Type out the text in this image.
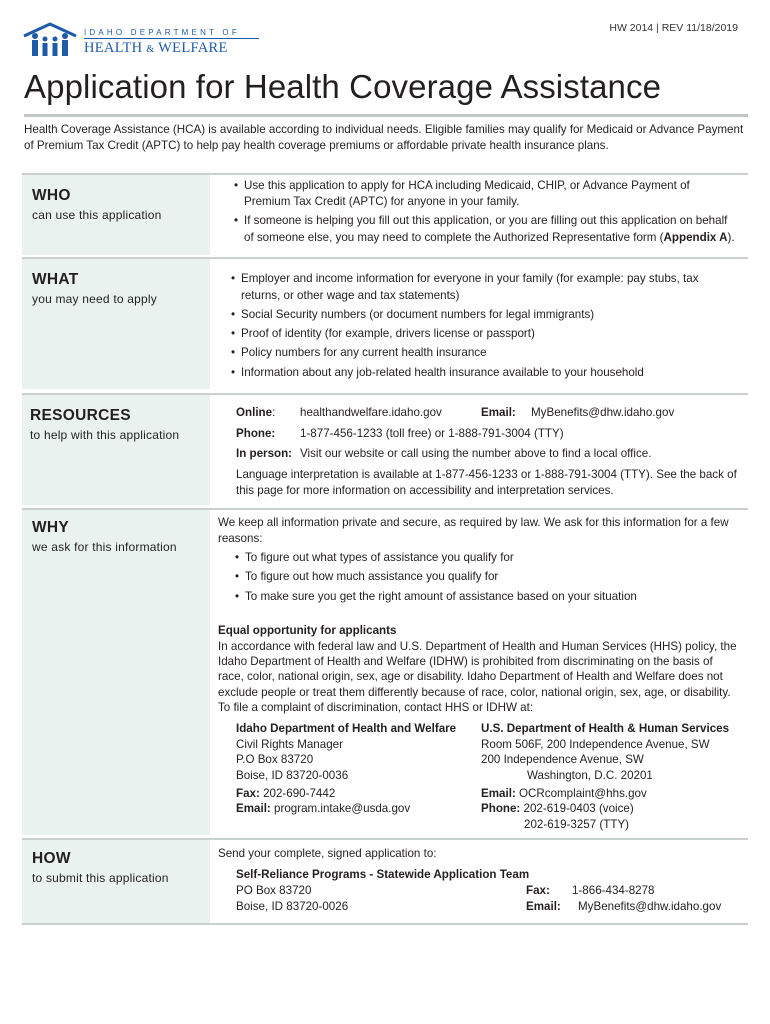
HW 2014 | REV 11/18/2019
IDAHO DEPARTMENT OF
HEALTH & WELFARE
Application for Health Coverage Assistance
Health Coverage Assistance (HCA) is available according to individual needs. Eligible families may qualify for Medicaid or Advance Payment of Premium Tax Credit (APTC) to help pay health coverage premiums or affordable private health insurance plans.
WHO
can use this application
• Use this application to apply for HCA including Medicaid, CHIP, or Advance Payment of
Premium Tax Credit (APTC) for anyone in your family.
• If someone is helping you fill out this application, or you are filling out this application on behalf
of someone else, you may need to complete the Authorized Representative form (Appendix A).
WHAT
you may need to apply
• Employer and income information for everyone in your family (for example: pay stubs, tax
returns, or other wage and tax statements)
• Social Security numbers (or document numbers for legal immigrants)
• Proof of identity (for example, drivers license or passport)
• Policy numbers for any current health insurance
• Information about any job-related health insurance available to your household
RESOURCES
to help with this application
Online: healthandwelfare.idaho.gov	Email: MyBenefits@dhw.idaho.gov
Phone: 1-877-456-1233 (toll free) or 1-888-791-3004 (TTY)
In person: Visit our website or call using the number above to find a local office.
Language interpretation is available at 1-877-456-1233 or 1-888-791-3004 (TTY). See the back of
this page for more information on accessibility and interpretation services.
WHY
we ask for this information
We keep all information private and secure, as required by law. We ask for this information for a few
reasons:
• To figure out what types of assistance you qualify for
• To figure out how much assistance you qualify for
• To make sure you get the right amount of assistance based on your situation
Equal opportunity for applicants
In accordance with federal law and U.S. Department of Health and Human Services (HHS) policy, the
Idaho Department of Health and Welfare (IDHW) is prohibited from discriminating on the basis of
race, color, national origin, sex, age or disability. Idaho Department of Health and Welfare does not
exclude people or treat them differently because of race, color, national origin, sex, age, or disability.
To file a complaint of discrimination, contact HHS or IDHW at:
Idaho Department of Health and Welfare
Civil Rights Manager
P.O Box 83720
Boise, ID 83720-0036
Fax: 202-690-7442
Email: program.intake@usda.gov
U.S. Department of Health & Human Services
Room 506F, 200 Independence Avenue, SW
200 Independence Avenue, SW
Washington, D.C. 20201
Email: OCRcomplaint@hhs.gov
Phone: 202-619-0403 (voice)
202-619-3257 (TTY)
HOW
to submit this application
Send your complete, signed application to:
Self-Reliance Programs - Statewide Application Team
PO Box 83720
Boise, ID 83720-0026
Fax: 1-866-434-8278
Email: MyBenefits@dhw.idaho.gov
